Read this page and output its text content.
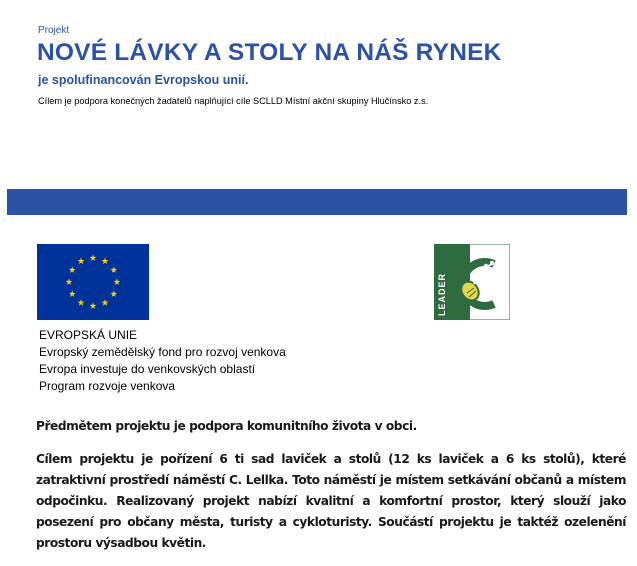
Projekt
NOVÉ LÁVKY A STOLY NA NÁŠ RYNEK
je spolufinancován Evropskou unií.
Cílem je podpora konečných žadatelů naplňující cíle SCLLD Místní akční skupiny Hlučínsko z.s.
LEADER
EVROPSKÁ UNIE
Evropský zemědělský fond pro rozvoj venkova
Evropa investuje do venkovských oblastí
Program rozvoje venkova
Předmětem projektu je podpora komunitního života v obci.
Cílem projektu je pořízení 6 ti sad laviček a stolů (12 ks laviček a 6 ks stolů), které zatraktivní prostředí náměstí C. Lellka. Toto náměstí je místem setkávání občanů a místem odpočinku. Realizovaný projekt nabízí kvalitní a komfortní prostor, který slouží jako posezení pro občany města, turisty a cykloturisty. Součástí projektu je taktéž ozelenění prostoru výsadbou květin.
